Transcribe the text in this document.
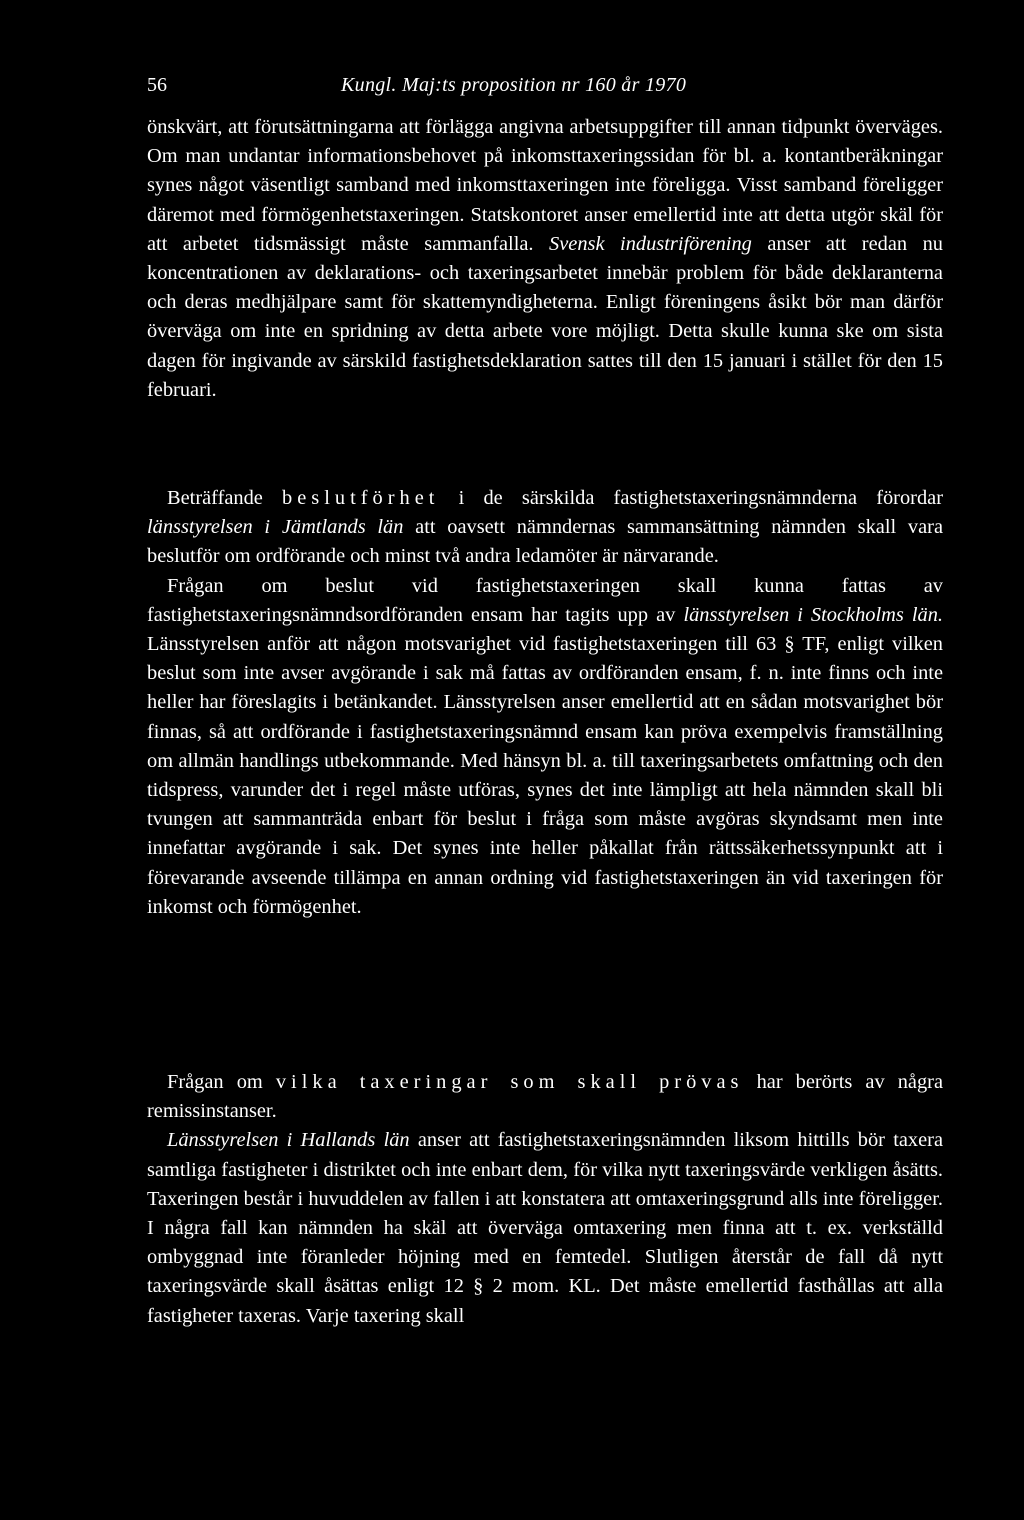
56	Kungl. Maj:ts proposition nr 160 år 1970

önskvärt, att förutsättningarna att förlägga angivna arbetsuppgifter till annan tidpunkt överväges. Om man undantar informationsbehovet på inkomsttaxeringssidan för bl. a. kontantberäkningar synes något väsentligt samband med inkomsttaxeringen inte föreligga. Visst samband föreligger däremot med förmögenhetstaxeringen. Statskontoret anser emellertid inte att detta utgör skäl för att arbetet tidsmässigt måste sammanfalla. Svensk industriförening anser att redan nu koncentrationen av deklarations- och taxeringsarbetet innebär problem för både deklaranterna och deras medhjälpare samt för skattemyndigheterna. Enligt föreningens åsikt bör man därför överväga om inte en spridning av detta arbete vore möjligt. Detta skulle kunna ske om sista dagen för ingivande av särskild fastighetsdeklaration sattes till den 15 januari i stället för den 15 februari.

Beträffande beslutförhet i de särskilda fastighetstaxeringsnämnderna förordar länsstyrelsen i Jämtlands län att oavsett nämndernas sammansättning nämnden skall vara beslutför om ordförande och minst två andra ledamöter är närvarande.

Frågan om beslut vid fastighetstaxeringen skall kunna fattas av fastighetstaxeringsnämndsordföranden ensam har tagits upp av länsstyrelsen i Stockholms län. Länsstyrelsen anför att någon motsvarighet vid fastighetstaxeringen till 63 § TF, enligt vilken beslut som inte avser avgörande i sak må fattas av ordföranden ensam, f. n. inte finns och inte heller har föreslagits i betänkandet. Länsstyrelsen anser emellertid att en sådan motsvarighet bör finnas, så att ordförande i fastighetstaxeringsnämnd ensam kan pröva exempelvis framställning om allmän handlings utbekommande. Med hänsyn bl. a. till taxeringsarbetets omfattning och den tidspress, varunder det i regel måste utföras, synes det inte lämpligt att hela nämnden skall bli tvungen att sammanträda enbart för beslut i fråga som måste avgöras skyndsamt men inte innefattar avgörande i sak. Det synes inte heller påkallat från rättssäkerhetssynpunkt att i förevarande avseende tillämpa en annan ordning vid fastighetstaxeringen än vid taxeringen för inkomst och förmögenhet.

Frågan om vilka taxeringar som skall prövas har berörts av några remissinstanser.

Länsstyrelsen i Hallands län anser att fastighetstaxeringsnämnden liksom hittills bör taxera samtliga fastigheter i distriktet och inte enbart dem, för vilka nytt taxeringsvärde verkligen åsätts. Taxeringen består i huvuddelen av fallen i att konstatera att omtaxeringsgrund alls inte föreligger. I några fall kan nämnden ha skäl att överväga omtaxering men finna att t. ex. verkställd ombyggnad inte föranleder höjning med en femtedel. Slutligen återstår de fall då nytt taxeringsvärde skall åsättas enligt 12 § 2 mom. KL. Det måste emellertid fasthållas att alla fastigheter taxeras. Varje taxering skall
